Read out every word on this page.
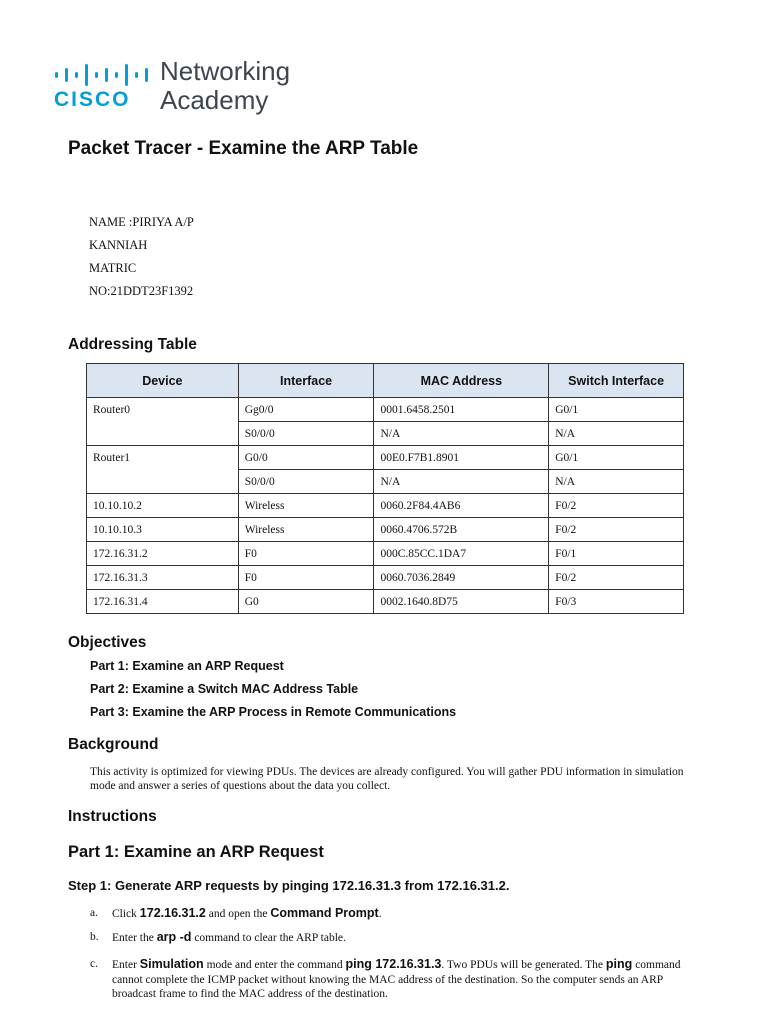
CISCO
Networking
Academy
Packet Tracer - Examine the ARP Table
NAME :PIRIYA A/P
KANNIAH
MATRIC
NO:21DDT23F1392
Addressing Table
Device	Interface	MAC Address	Switch Interface
Router0	Gg0/0	0001.6458.2501	G0/1
	S0/0/0	N/A	N/A
Router1	G0/0	00E0.F7B1.8901	G0/1
	S0/0/0	N/A	N/A
10.10.10.2	Wireless	0060.2F84.4AB6	F0/2
10.10.10.3	Wireless	0060.4706.572B	F0/2
172.16.31.2	F0	000C.85CC.1DA7	F0/1
172.16.31.3	F0	0060.7036.2849	F0/2
172.16.31.4	G0	0002.1640.8D75	F0/3
Objectives
Part 1: Examine an ARP Request
Part 2: Examine a Switch MAC Address Table
Part 3: Examine the ARP Process in Remote Communications
Background
This activity is optimized for viewing PDUs. The devices are already configured. You will gather PDU information in simulation mode and answer a series of questions about the data you collect.
Instructions
Part 1: Examine an ARP Request
Step 1: Generate ARP requests by pinging 172.16.31.3 from 172.16.31.2.
a. Click 172.16.31.2 and open the Command Prompt.
b. Enter the arp -d command to clear the ARP table.
c. Enter Simulation mode and enter the command ping 172.16.31.3. Two PDUs will be generated. The ping command cannot complete the ICMP packet without knowing the MAC address of the destination. So the computer sends an ARP broadcast frame to find the MAC address of the destination.
